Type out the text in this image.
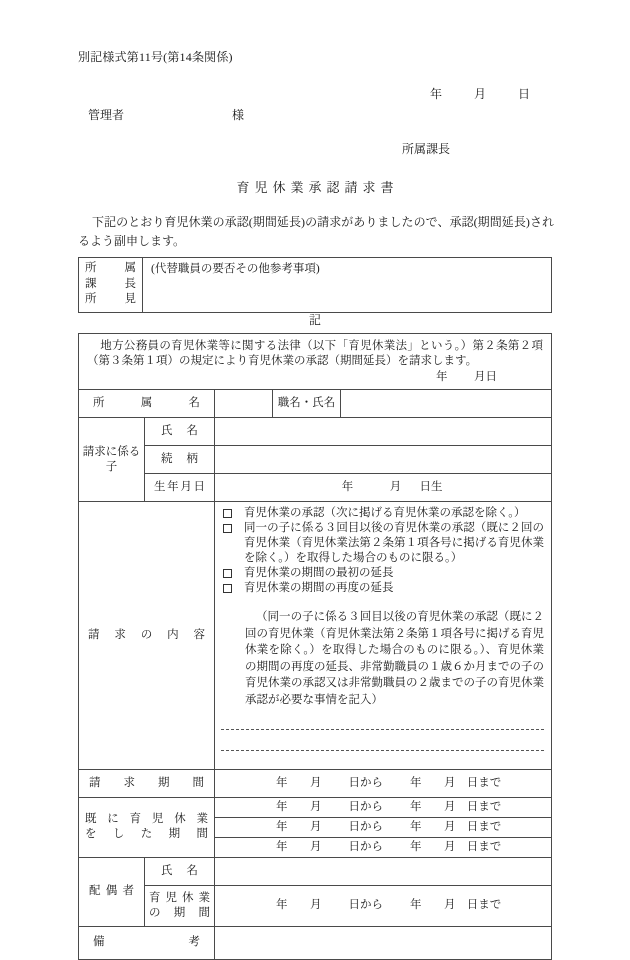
別記様式第11号(第14条関係)
年	月	日
管理者	様
所属課長
育児休業承認請求書
下記のとおり育児休業の承認(期間延長)の請求がありましたので、承認(期間延長)されるよう副申します。
所 属
課 長
所 見
	(代替職員の要否その他参考事項)
記
地方公務員の育児休業等に関する法律（以下「育児休業法」という。）第２条第２項（第３条第１項）の規定により育児休業の承認（期間延長）を請求します。
年 月日				

所属名			職名・氏名	
請求に係る子	氏名			

	続柄			

	生年月日	年 月 日生		

請求の内容		育児休業の承認（次に掲げる育児休業の承認を除く。）
同一の子に係る３回目以後の育児休業の承認（既に２回の育児休業（育児休業法第２条第１項各号に掲げる育児休業を除く。）を取得した場合のものに限る。）
育児休業の期間の最初の延長
育児休業の期間の再度の延長
（同一の子に係る３回目以後の育児休業の承認（既に２回の育児休業（育児休業法第２条第１項各号に掲げる育児休業を除く。）を取得した場合のものに限る。）、育児休業の期間の再度の延長、非常勤職員の１歳６か月までの子の育児休業の承認又は非常勤職員の２歳までの子の育児休業承認が必要な事情を記入）		

請求期間		年 月 日から 年 月 日まで		

既に育児休業
をした期間		年 月 日から 年 月 日まで		
		年 月 日から 年 月 日まで		
		年 月 日から 年 月 日まで		

配偶者	氏名			

	育児休業
の期間	年 月 日から 年 月 日まで		

備考				
